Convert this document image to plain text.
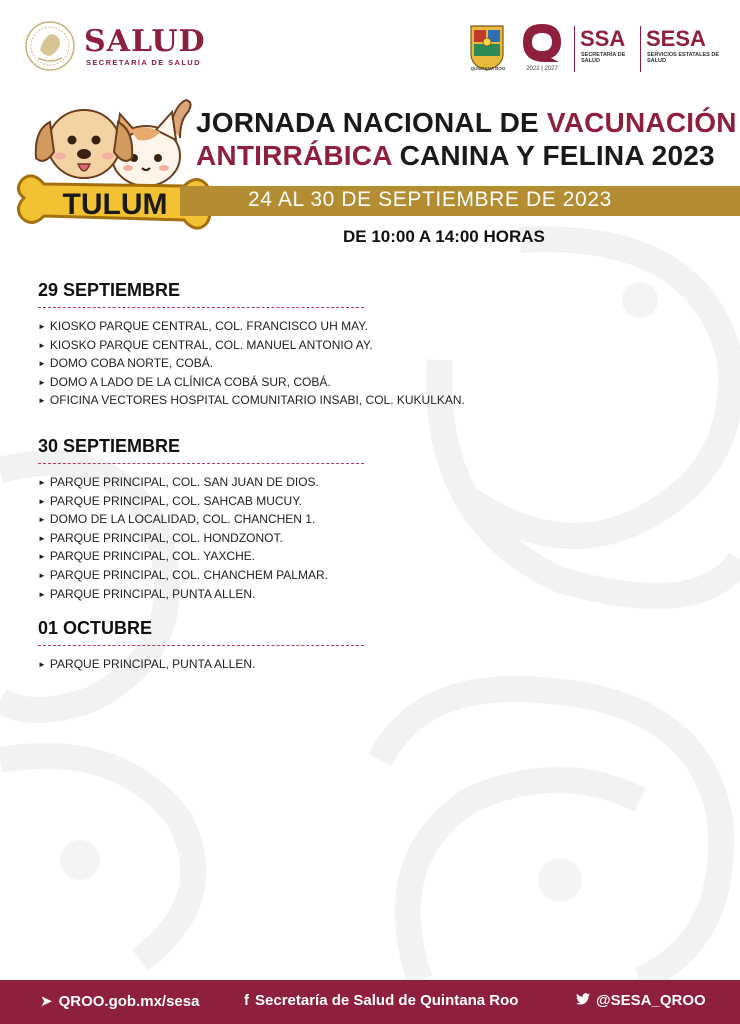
SALUD
SECRETARÍA DE SALUD
QUINTANA ROO	2022 | 2027
SSA
SECRETARÍA DE SALUD
SESA
SERVICIOS ESTATALES DE SALUD
TULUM
JORNADA NACIONAL DE VACUNACIÓN
ANTIRRÁBICA CANINA Y FELINA 2023
24 AL 30 DE SEPTIEMBRE DE 2023
DE 10:00 A 14:00 HORAS
29 SEPTIEMBRE
► KIOSKO PARQUE CENTRAL, COL. FRANCISCO UH MAY.
► KIOSKO PARQUE CENTRAL, COL. MANUEL ANTONIO AY.
► DOMO COBA NORTE, COBÁ.
► DOMO A LADO DE LA CLÍNICA COBÁ SUR, COBÁ.
► OFICINA VECTORES HOSPITAL COMUNITARIO INSABI, COL. KUKULKAN.
30 SEPTIEMBRE
► PARQUE PRINCIPAL, COL. SAN JUAN DE DIOS.
► PARQUE PRINCIPAL, COL. SAHCAB MUCUY.
► DOMO DE LA LOCALIDAD, COL. CHANCHEN 1.
► PARQUE PRINCIPAL, COL. HONDZONOT.
► PARQUE PRINCIPAL, COL. YAXCHE.
► PARQUE PRINCIPAL, COL. CHANCHEM PALMAR.
► PARQUE PRINCIPAL, PUNTA ALLEN.
01 OCTUBRE
► PARQUE PRINCIPAL, PUNTA ALLEN.
➤ QROO.gob.mx/sesa	f Secretaría de Salud de Quintana Roo	@SESA_QROO
